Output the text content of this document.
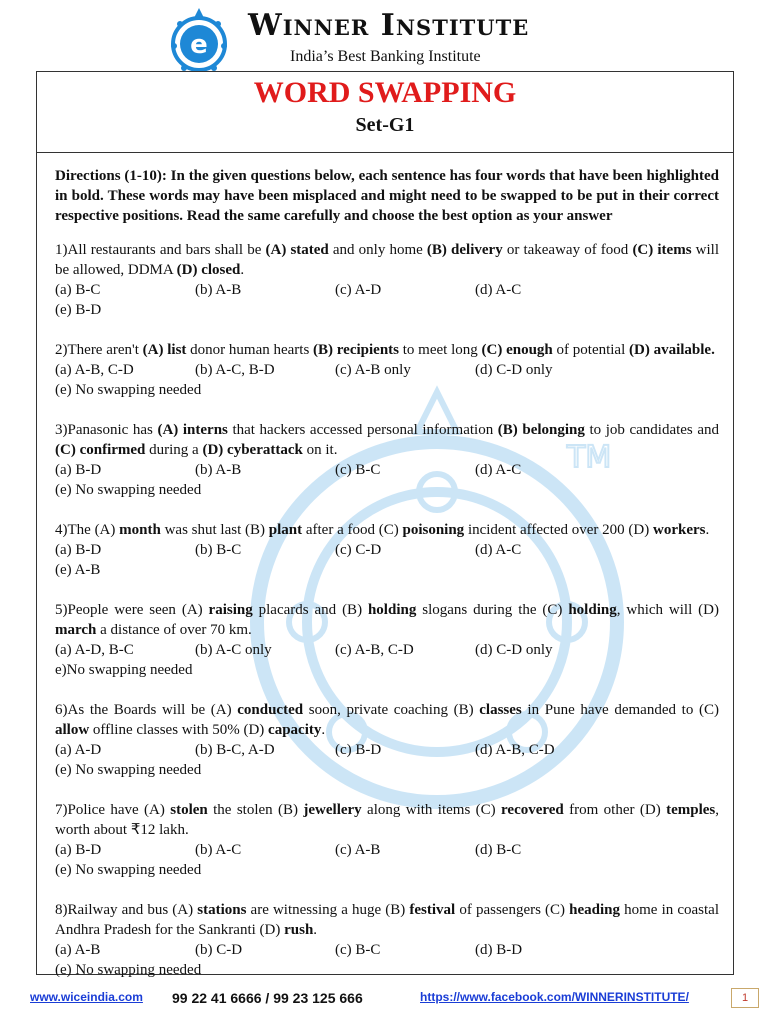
e
Winner Institute
India’s Best Banking Institute
WORD SWAPPING
Set-G1
TM
Directions (1-10): In the given questions below, each sentence has four words that have been highlighted in bold. These words may have been misplaced and might need to be swapped to be put in their correct respective positions. Read the same carefully and choose the best option as your answer
1)All restaurants and bars shall be (A) stated and only home (B) delivery or takeaway of food (C) items will be allowed, DDMA (D) closed.
(a) B-C	(b) A-B	(c) A-D	(d) A-C
(e) B-D
2)There aren't (A) list donor human hearts (B) recipients to meet long (C) enough of potential (D) available.
(a) A-B, C-D	(b) A-C, B-D	(c) A-B only	(d) C-D only
(e) No swapping needed
3)Panasonic has (A) interns that hackers accessed personal information (B) belonging to job candidates and (C) confirmed during a (D) cyberattack on it.
(a) B-D	(b) A-B	(c) B-C	(d) A-C
(e) No swapping needed
4)The (A) month was shut last (B) plant after a food (C) poisoning incident affected over 200 (D) workers.
(a) B-D	(b) B-C	(c) C-D	(d) A-C
(e) A-B
5)People were seen (A) raising placards and (B) holding slogans during the (C) holding, which will (D) march a distance of over 70 km.
(a) A-D, B-C	(b) A-C only	(c) A-B, C-D	(d) C-D only
e)No swapping needed
6)As the Boards will be (A) conducted soon, private coaching (B) classes in Pune have demanded to (C) allow offline classes with 50% (D) capacity.
(a) A-D	(b) B-C, A-D	(c) B-D	(d) A-B, C-D
(e) No swapping needed
7)Police have (A) stolen the stolen (B) jewellery along with items (C) recovered from other (D) temples, worth about ₹12 lakh.
(a) B-D	(b) A-C	(c) A-B	(d) B-C
(e) No swapping needed
8)Railway and bus (A) stations are witnessing a huge (B) festival of passengers (C) heading home in coastal Andhra Pradesh for the Sankranti (D) rush.
(a) A-B	(b) C-D	(c) B-C	(d) B-D
(e) No swapping needed
www.wiceindia.com 99 22 41 6666 / 99 23 125 666	https://www.facebook.com/WINNERINSTITUTE/	1
